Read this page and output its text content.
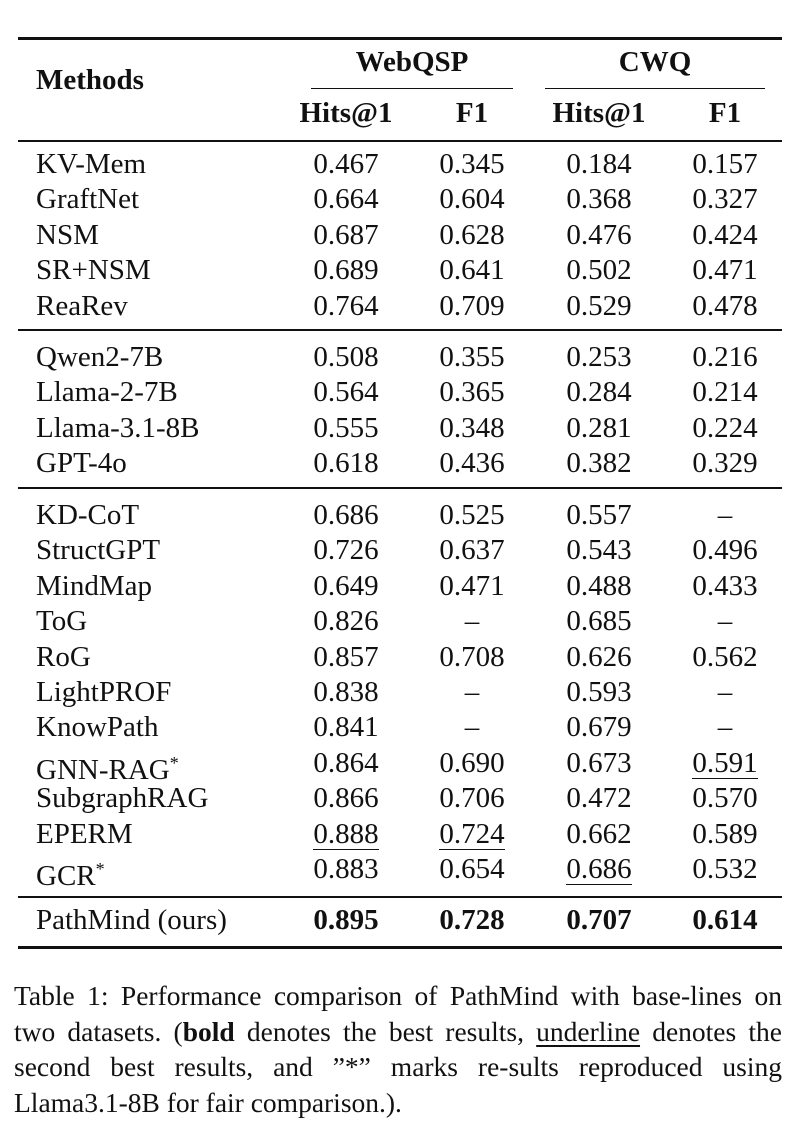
Methods
WebQSP	CWQ
Hits@1	F1	Hits@1	F1
KV-Mem	0.467	0.345	0.184	0.157
GraftNet	0.664	0.604	0.368	0.327
NSM	0.687	0.628	0.476	0.424
SR+NSM	0.689	0.641	0.502	0.471
ReaRev	0.764	0.709	0.529	0.478
Qwen2-7B	0.508	0.355	0.253	0.216
Llama-2-7B	0.564	0.365	0.284	0.214
Llama-3.1-8B	0.555	0.348	0.281	0.224
GPT-4o	0.618	0.436	0.382	0.329
KD-CoT	0.686	0.525	0.557	–
StructGPT	0.726	0.637	0.543	0.496
MindMap	0.649	0.471	0.488	0.433
ToG	0.826	–	0.685	–
RoG	0.857	0.708	0.626	0.562
LightPROF	0.838	–	0.593	–
KnowPath	0.841	–	0.679	–
GNN-RAG*	0.864	0.690	0.673	0.591
SubgraphRAG	0.866	0.706	0.472	0.570
EPERM	0.888	0.724	0.662	0.589
GCR*	0.883	0.654	0.686	0.532
PathMind (ours)	0.895	0.728	0.707	0.614
Table 1: Performance comparison of PathMind with base-lines on two datasets. (bold denotes the best results, underline denotes the second best results, and ”*” marks re-sults reproduced using Llama3.1-8B for fair comparison.).
